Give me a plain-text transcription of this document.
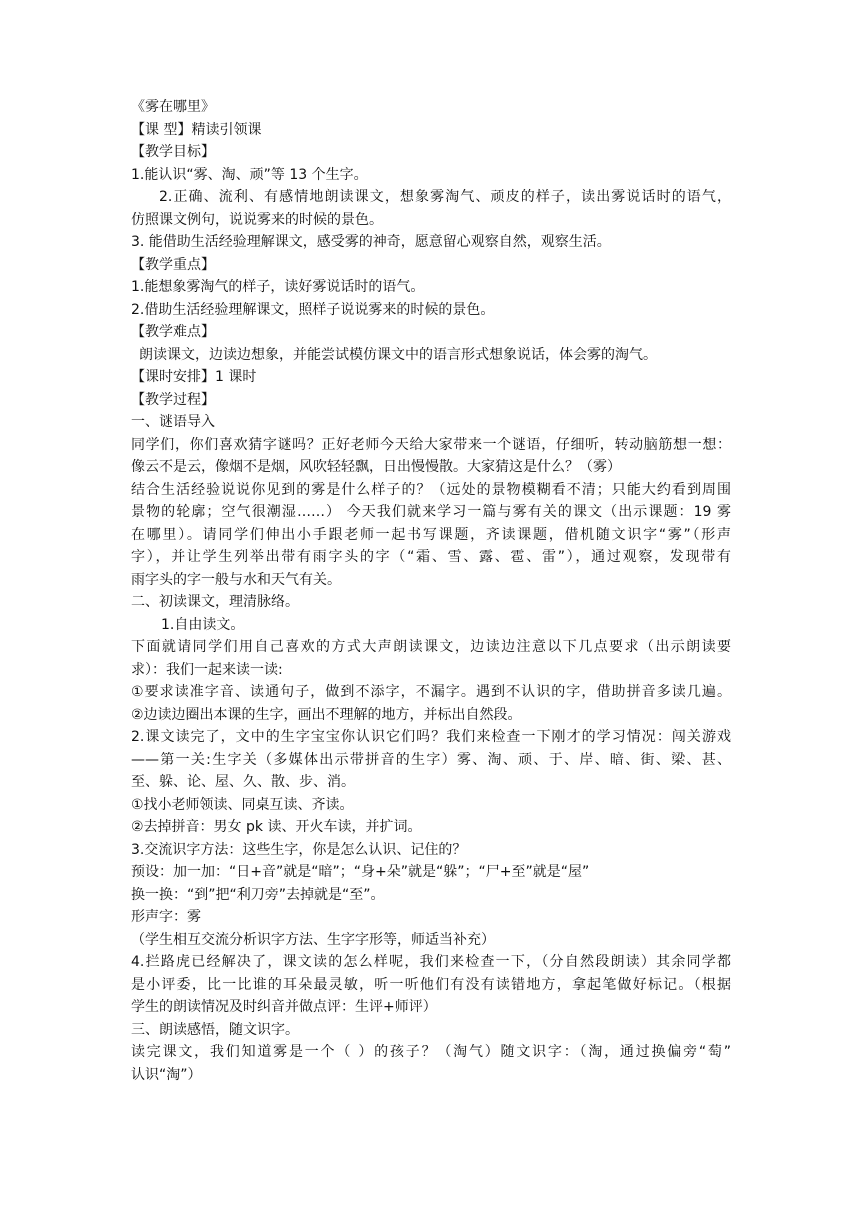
《雾在哪里》
【课 型】精读引领课
【教学目标】
1.能认识“雾、淘、顽”等 13 个生字。
2.正确、流利、有感情地朗读课文，想象雾淘气、顽皮的样子，读出雾说话时的语气，
仿照课文例句，说说雾来的时候的景色。
3. 能借助生活经验理解课文，感受雾的神奇，愿意留心观察自然，观察生活。
【教学重点】
1.能想象雾淘气的样子，读好雾说话时的语气。
2.借助生活经验理解课文，照样子说说雾来的时候的景色。
【教学难点】
朗读课文，边读边想象，并能尝试模仿课文中的语言形式想象说话，体会雾的淘气。
【课时安排】1 课时
【教学过程】
一、谜语导入
同学们，你们喜欢猜字谜吗？正好老师今天给大家带来一个谜语，仔细听，转动脑筋想一想：
像云不是云，像烟不是烟，风吹轻轻飘，日出慢慢散。大家猜这是什么？（雾）
结合生活经验说说你见到的雾是什么样子的？（远处的景物模糊看不清；只能大约看到周围
景物的轮廓；空气很潮湿……） 今天我们就来学习一篇与雾有关的课文（出示课题：19 雾
在哪里）。请同学们伸出小手跟老师一起书写课题，齐读课题，借机随文识字“雾”（形声
字），并让学生列举出带有雨字头的字（“霜、雪、露、雹、雷”），通过观察，发现带有
雨字头的字一般与水和天气有关。
二、初读课文，理清脉络。
1.自由读文。
下面就请同学们用自己喜欢的方式大声朗读课文，边读边注意以下几点要求（出示朗读要
求）：我们一起来读一读:
①要求读准字音、读通句子，做到不添字，不漏字。遇到不认识的字，借助拼音多读几遍。
②边读边圈出本课的生字，画出不理解的地方，并标出自然段。
2.课文读完了，文中的生字宝宝你认识它们吗？我们来检查一下刚才的学习情况：闯关游戏
——第一关:生字关（多媒体出示带拼音的生字）雾、淘、顽、于、岸、暗、街、梁、甚、
至、躲、论、屋、久、散、步、消。
①找小老师领读、同桌互读、齐读。
②去掉拼音：男女 pk 读、开火车读，并扩词。
3.交流识字方法：这些生字，你是怎么认识、记住的？
预设：加一加：“日+音”就是“暗”；“身+朵”就是“躲”；“尸+至”就是“屋”
换一换：“到”把“利刀旁”去掉就是“至”。
形声字：雾
（学生相互交流分析识字方法、生字字形等，师适当补充）
4.拦路虎已经解决了，课文读的怎么样呢，我们来检查一下，（分自然段朗读）其余同学都
是小评委，比一比谁的耳朵最灵敏，听一听他们有没有读错地方，拿起笔做好标记。（根据
学生的朗读情况及时纠音并做点评：生评+师评）
三、朗读感悟，随文识字。
读完课文，我们知道雾是一个（ ）的孩子？（淘气）随文识字：（淘，通过换偏旁“萄”
认识“淘”）
